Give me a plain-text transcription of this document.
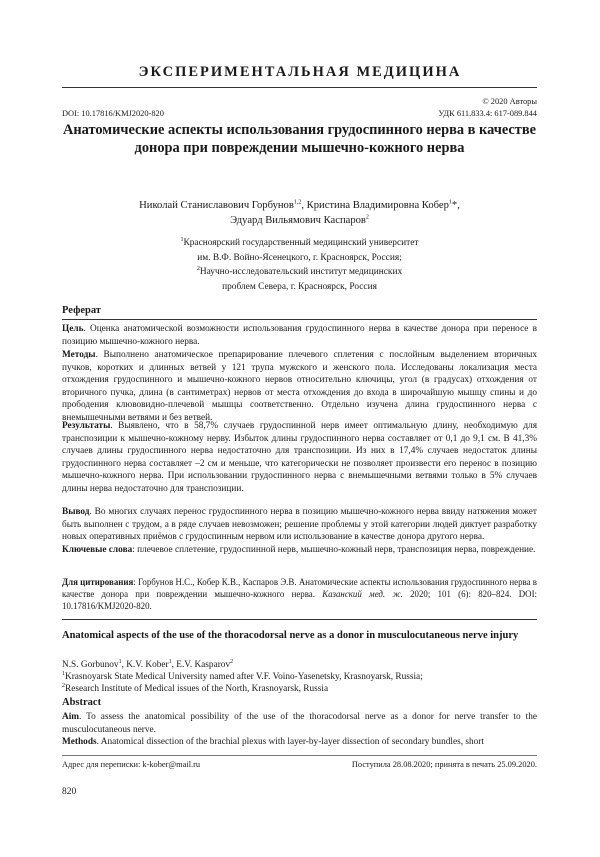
ЭКСПЕРИМЕНТАЛЬНАЯ МЕДИЦИНА
© 2020 Авторы
DOI: 10.17816/KMJ2020-820	УДК 611.833.4: 617-089.844
Анатомические аспекты использования грудоспинного нерва в качестве донора при повреждении мышечно-кожного нерва
Николай Станиславович Горбунов$^{1,2}$, Кристина Владимировна Кобер$^1$*,
Эдуард Вильямович Каспаров$^2$
$^1$Красноярский государственный медицинский университет
им. В.Ф. Войно-Ясенецкого, г. Красноярск, Россия;
$^2$Научно-исследовательский институт медицинских
проблем Севера, г. Красноярск, Россия
Реферат
Цель. Оценка анатомической возможности использования грудоспинного нерва в качестве донора при переносе в позицию мышечно-кожного нерва.
Методы. Выполнено анатомическое препарирование плечевого сплетения с послойным выделением вторичных пучков, коротких и длинных ветвей у 121 трупа мужского и женского пола. Исследованы локализация места отхождения грудоспинного и мышечно-кожного нервов относительно ключицы, угол (в градусах) отхождения от вторичного пучка, длина (в сантиметрах) нервов от места отхождения до входа в широчайшую мышцу спины и до прободения клювовидно-плечевой мышцы соответственно. Отдельно изучена длина грудоспинного нерва с внемышечными ветвями и без ветвей.
Результаты. Выявлено, что в 58,7% случаев грудоспинной нерв имеет оптимальную длину, необходимую для транспозиции к мышечно-кожному нерву. Избыток длины грудоспинного нерва составляет от 0,1 до 9,1 см. В 41,3% случаев длины грудоспинного нерва недостаточно для транспозиции. Из них в 17,4% случаев недостаток длины грудоспинного нерва составляет –2 см и меньше, что категорически не позволяет произвести его перенос в позицию мышечно-кожного нерва. При использовании грудоспинного нерва с внемышечными ветвями только в 5% случаев длины нерва недостаточно для транспозиции.
Вывод. Во многих случаях перенос грудоспинного нерва в позицию мышечно-кожного нерва ввиду натяжения может быть выполнен с трудом, а в ряде случаев невозможен; решение проблемы у этой категории людей диктует разработку новых оперативных приёмов с грудоспинным нервом или использование в качестве донора другого нерва.
Ключевые слова: плечевое сплетение, грудоспинной нерв, мышечно-кожный нерв, транспозиция нерва, повреждение.
Для цитирования: Горбунов Н.С., Кобер К.В., Каспаров Э.В. Анатомические аспекты использования грудоспинного нерва в качестве донора при повреждении мышечно-кожного нерва. Казанский мед. ж. 2020; 101 (6): 820–824. DOI: 10.17816/KMJ2020-820.
Anatomical aspects of the use of the thoracodorsal nerve as a donor in musculocutaneous nerve injury
N.S. Gorbunov$^1$, K.V. Kober$^1$, E.V. Kasparov$^2$
$^1$Krasnoyarsk State Medical University named after V.F. Voino-Yasenetsky, Krasnoyarsk, Russia;
$^2$Research Institute of Medical issues of the North, Krasnoyarsk, Russia
Abstract
Aim. To assess the anatomical possibility of the use of the thoracodorsal nerve as a donor for nerve transfer to the musculocutaneous nerve.
Methods. Anatomical dissection of the brachial plexus with layer-by-layer dissection of secondary bundles, short
Адрес для переписки: k-kober@mail.ru	Поступила 28.08.2020; принята в печать 25.09.2020.
820
